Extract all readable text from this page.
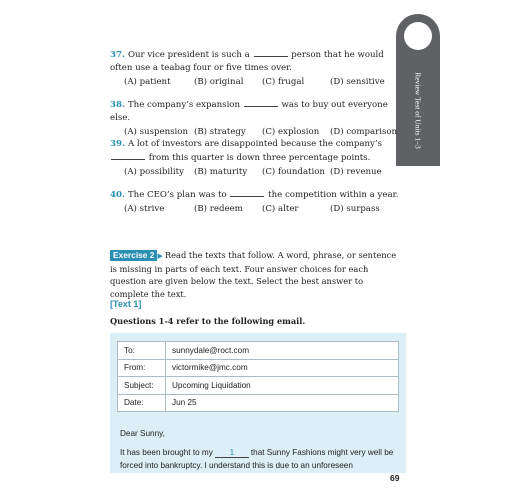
Review Test of Units 1–3
37. Our vice president is such a	person that he would often use a teabag four or five times over.
(A) patient	(B) original	(C) frugal	(D) sensitive
38. The company’s expansion	was to buy out everyone else.
(A) suspension (B) strategy	(C) explosion	(D) comparison
39. A lot of investors are disappointed because the company’s  from this quarter is down three percentage points.
(A) possibility	(B) maturity	(C) foundation (D) revenue
40. The CEO’s plan was to	the competition within a year.
(A) strive	(B) redeem	(C) alter	(D) surpass
Exercise 2 ▶ Read the texts that follow. A word, phrase, or sentence is missing in parts of each text. Four answer choices for each question are given below the text. Select the best answer to complete the text.
[Text 1]
Questions 1-4 refer to the following email.
To:	sunnydale@roct.com
From:	victormike@jmc.com
Subject:	Upcoming Liquidation
Date:	Jun 25
Dear Sunny,
It has been brought to my 1 that Sunny Fashions might very well be forced into bankruptcy. I understand this is due to an unforeseen
69
